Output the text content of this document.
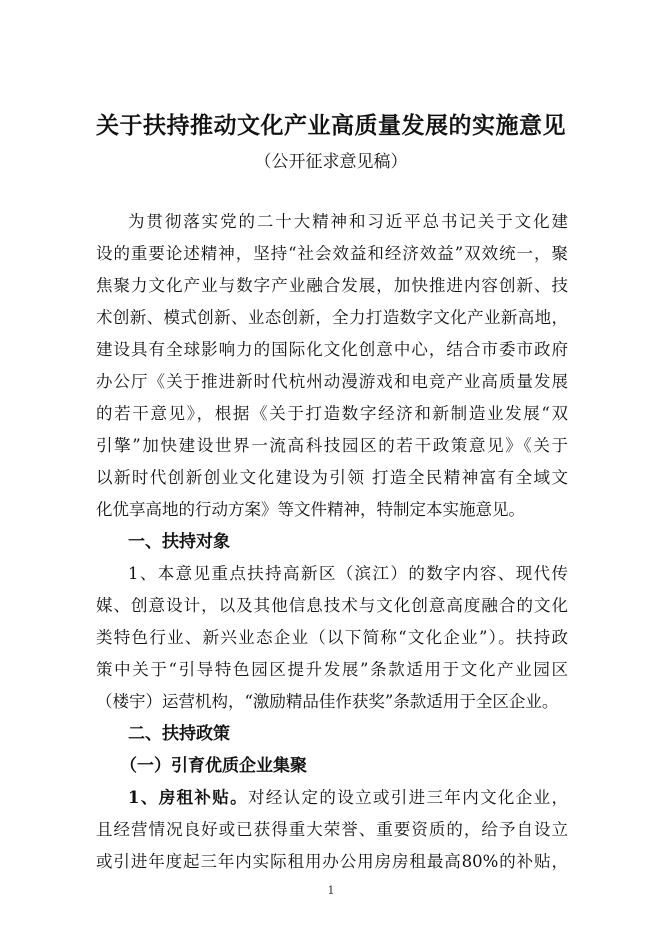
关于扶持推动文化产业高质量发展的实施意见
（公开征求意见稿）
为贯彻落实党的二十大精神和习近平总书记关于文化建
设的重要论述精神，坚持“社会效益和经济效益”双效统一，聚
焦聚力文化产业与数字产业融合发展，加快推进内容创新、技
术创新、模式创新、业态创新，全力打造数字文化产业新高地，
建设具有全球影响力的国际化文化创意中心，结合市委市政府
办公厅《关于推进新时代杭州动漫游戏和电竞产业高质量发展
的若干意见》，根据《关于打造数字经济和新制造业发展“双
引擎”加快建设世界一流高科技园区的若干政策意见》《关于
以新时代创新创业文化建设为引领 打造全民精神富有全域文
化优享高地的行动方案》等文件精神，特制定本实施意见。
一、扶持对象
1、本意见重点扶持高新区（滨江）的数字内容、现代传
媒、创意设计，以及其他信息技术与文化创意高度融合的文化
类特色行业、新兴业态企业（以下简称“文化企业”）。扶持政
策中关于“引导特色园区提升发展”条款适用于文化产业园区
（楼宇）运营机构，“激励精品佳作获奖”条款适用于全区企业。
二、扶持政策
（一）引育优质企业集聚
1、房租补贴。对经认定的设立或引进三年内文化企业，
且经营情况良好或已获得重大荣誉、重要资质的，给予自设立
或引进年度起三年内实际租用办公用房房租最高80%的补贴，
1
